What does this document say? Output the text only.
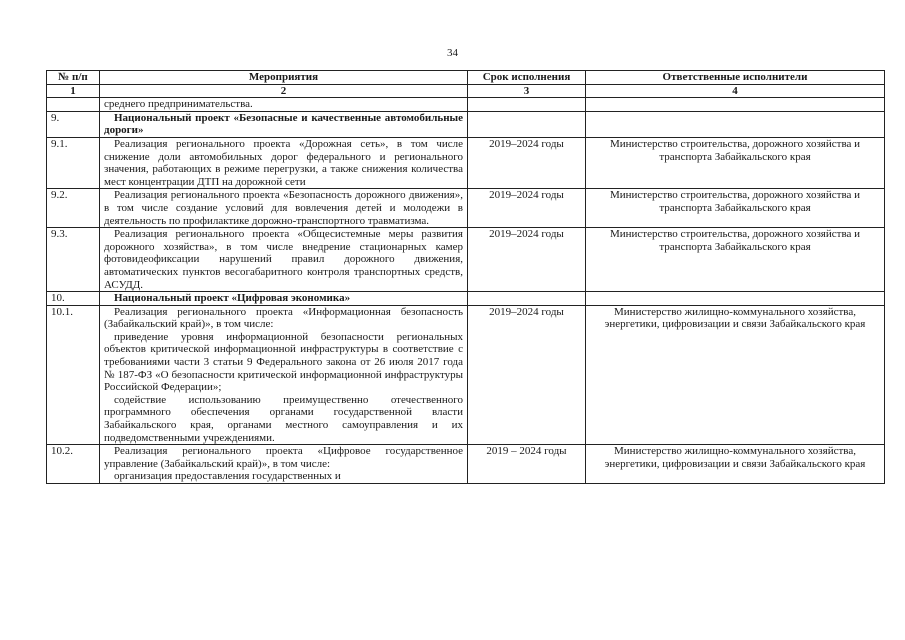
34
№ п/п	Мероприятия	Срок исполнения	Ответственные исполнители
1	2	3	4

	среднего предпринимательства.		

9.	Национальный проект «Безопасные и качественные автомобильные дороги»		

9.1.	Реализация регионального проекта «Дорожная сеть», в том числе снижение доли автомобильных дорог федерального и регионального значения, работающих в режиме перегрузки, а также снижения количества мест концентрации ДТП на дорожной сети	2019–2024 годы	Министерство строительства, дорожного хозяйства и транспорта Забайкальского края
9.2.	Реализация регионального проекта «Безопасность дорожного движения», в том числе создание условий для вовлечения детей и молодежи в деятельность по профилактике дорожно-транспортного травматизма.	2019–2024 годы	Министерство строительства, дорожного хозяйства и транспорта Забайкальского края
9.3.	Реализация регионального проекта «Общесистемные меры развития дорожного хозяйства», в том числе внедрение стационарных камер фотовидеофиксации нарушений правил дорожного движения, автоматических пунктов весогабаритного контроля транспортных средств, АСУДД.	2019–2024 годы	Министерство строительства, дорожного хозяйства и транспорта Забайкальского края
10.	Национальный проект «Цифровая экономика»		

10.1.	Реализация регионального проекта «Информационная безопасность (Забайкальский край)», в том числе:

приведение уровня информационной безопасности региональных объектов критической информационной инфраструктуры в соответствие с требованиями части 3 статьи 9 Федерального закона от 26 июля 2017 года № 187-ФЗ «О безопасности критической информационной инфраструктуры Российской Федерации»;

содействие использованию преимущественно отечественного программного обеспечения органами государственной власти Забайкальского края, органами местного самоуправления и их подведомственными учреждениями.	2019–2024 годы	Министерство жилищно-коммунального хозяйства, энергетики, цифровизации и связи Забайкальского края
10.2.	Реализация регионального проекта «Цифровое государственное управление (Забайкальский край)», в том числе:

организация предоставления государственных и	2019 – 2024 годы	Министерство жилищно-коммунального хозяйства, энергетики, цифровизации и связи Забайкальского края
